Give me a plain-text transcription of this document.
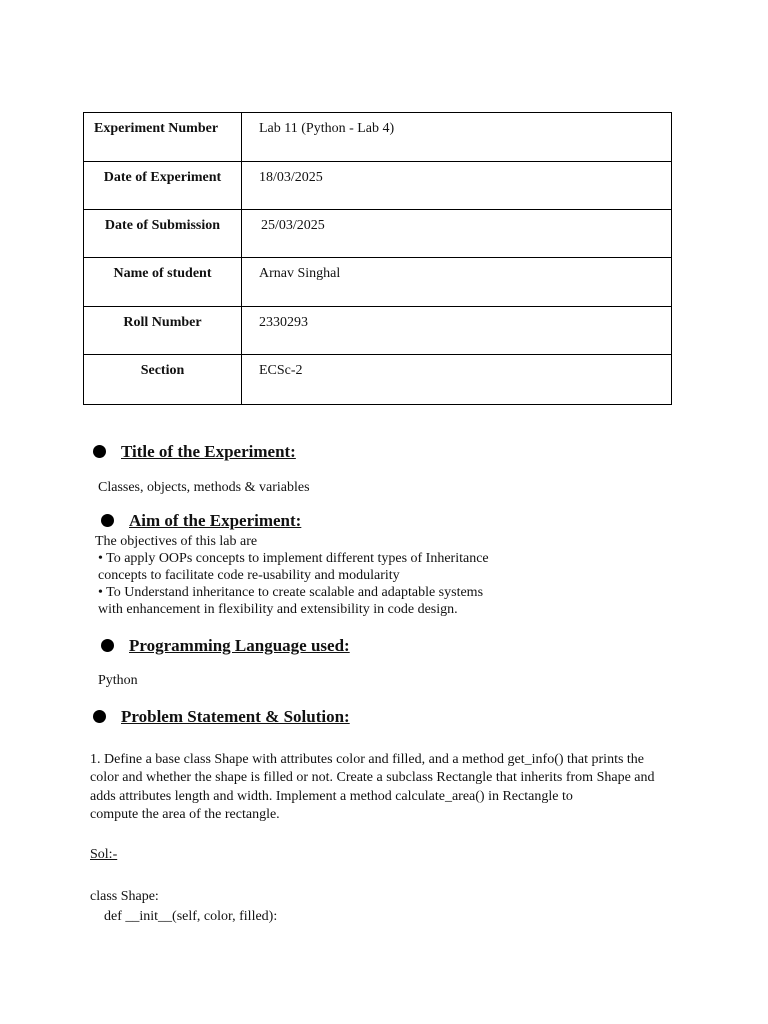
Experiment Number	Lab 11 (Python - Lab 4)

Date of Experiment	18/03/2025

Date of Submission	25/03/2025

Name of student	Arnav Singhal

Roll Number	2330293

Section	ECSc-2
Title of the Experiment:
Classes, objects, methods & variables
Aim of the Experiment:
The objectives of this lab are
• To apply OOPs concepts to implement different types of Inheritance
concepts to facilitate code re-usability and modularity
• To Understand inheritance to create scalable and adaptable systems
with enhancement in flexibility and extensibility in code design.
Programming Language used:
Python
Problem Statement & Solution:
1. Define a base class Shape with attributes color and filled, and a method get_info() that prints the
color and whether the shape is filled or not. Create a subclass Rectangle that inherits from Shape and
adds attributes length and width. Implement a method calculate_area() in Rectangle to
compute the area of the rectangle.
Sol:-
class Shape:
def __init__(self, color, filled):
